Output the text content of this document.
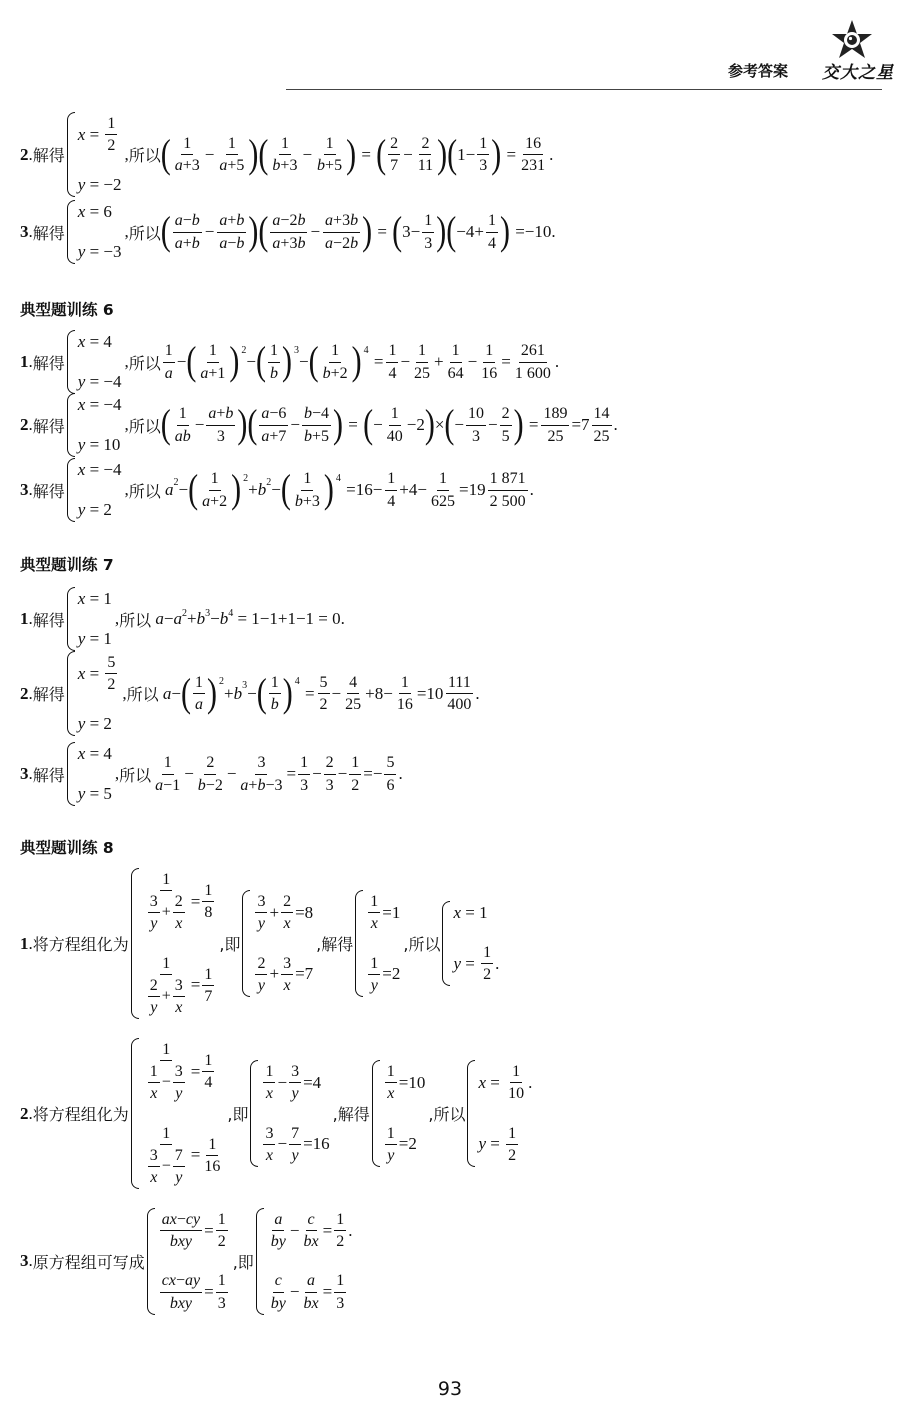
参考答案 交大之星
2 . 解得
$x = \frac{1}{2}$
y = −2
, 所以 ( $\frac{1}{a+3} - \frac{1}{a+5}$ ) ( $\frac{1}{b+3} - \frac{1}{b+5}$ ) = ( $\frac{2}{7} - \frac{2}{11}$ ) ( $1- \frac{1}{3}$ ) = $\frac{16}{231}$ .
3 . 解得
x = 6
y = −3
, 所以 ( $\frac{a-b}{a+b} - \frac{a+b}{a-b}$ ) ( $\frac{a-2b}{a+3b} - \frac{a+3b}{a-2b}$ ) = ( $3- \frac{1}{3}$ ) ( $-4+ \frac{1}{4}$ ) =−10.
典型题训练 6
1 . 解得
x = 4
y = −4
, 所以 $\frac{1}{a}$ − ( $\frac{1}{a+1}$ ) 2
− ( $\frac{1}{b}$ ) 3
− ( $\frac{1}{b+2}$ ) 4
= $\frac{1}{4} - \frac{1}{25} + \frac{1}{64} - \frac{1}{16} = \frac{261}{1 600}$ .
2 . 解得
x = −4
y = 10
, 所以 ( $\frac{1}{ab} - \frac{a+b}{3}$ ) ( $\frac{a-6}{a+7} - \frac{b-4}{b+5}$ ) = ( − $\frac{1}{40} -2$ ) × ( − $\frac{10}{3} - \frac{2}{5}$ ) = $\frac{189}{25} =7 \frac{14}{25}$ .
3 . 解得
x = −4
y = 2
, 所以
a 2 − ( $\frac{1}{a+2}$ ) 2
+ b 2 − ( $\frac{1}{b+3}$ ) 4
$=16- \frac{1}{4} +4- \frac{1}{625} =19 \frac{1 871}{2 500}$ .
典型题训练 7
1 . 解得
x = 1
y = 1
, 所以 $a-a^2+b^3-b^4 = 1-1+1-1 = 0$.
2 . 解得
$x = \frac{5}{2}$
y = 2
, 所以
a − ( $\frac{1}{a}$ ) 2
+ b 3 − ( $\frac{1}{b}$ ) 4
= $\frac{5}{2} - \frac{4}{25} +8- \frac{1}{16} =10 \frac{111}{400}$ .
3 . 解得
x = 4
y = 5
, 所以 $\frac{1}{a-1} - \frac{2}{b-2} - \frac{3}{a+b-3} = \frac{1}{3} - \frac{2}{3} - \frac{1}{2} =- \frac{5}{6}$ .
典型题训练 8
1 . 将方程组化为
$\frac{1}{\frac{3}{y} + \frac{2}{x}} = \frac{1}{8}$
$\frac{1}{\frac{2}{y} + \frac{3}{x}} = \frac{1}{7}$
,即
$\frac{3}{y} + \frac{2}{x} =8$
$\frac{2}{y} + \frac{3}{x} =7$
,解得
$\frac{1}{x} =1$
$\frac{1}{y} =2$
,所以
x = 1
$y = \frac{1}{2}$ .
2 . 将方程组化为
$\frac{1}{\frac{1}{x} - \frac{3}{y}} = \frac{1}{4}$
$\frac{1}{\frac{3}{x} - \frac{7}{y}} = \frac{1}{16}$
,即
$\frac{1}{x} - \frac{3}{y} =4$
$\frac{3}{x} - \frac{7}{y} =16$
,解得
$\frac{1}{x} =10$
$\frac{1}{y} =2$
,所以
$x = \frac{1}{10}$ .
$y = \frac{1}{2}$
3 . 原方程组可写成
$\frac{ax-cy}{\text{bxy}} = \frac{1}{2}$
$\frac{cx-ay}{\text{bxy}} = \frac{1}{3}$
,即
$\frac{a}{by} - \frac{c}{bx} = \frac{1}{2}$ .
$\frac{c}{by} - \frac{a}{bx} = \frac{1}{3}$
93
